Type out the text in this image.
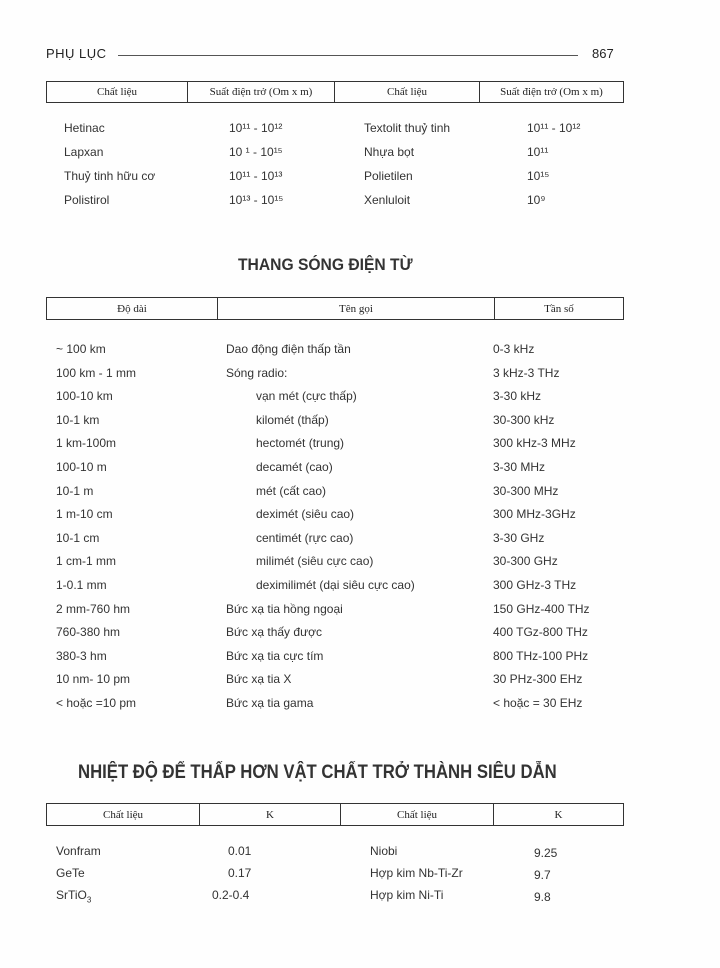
PHỤ LỤC	867
Chất liệu	Suất điện trở (Om x m)	Chất liệu	Suất điện trở (Om x m)
Hetinac	10¹¹ - 10¹²	Textolit thuỷ tinh	10¹¹ - 10¹²
Lapxan	10 ¹ - 10¹⁵	Nhựa bọt	10¹¹
Thuỷ tinh hữu cơ	10¹¹ - 10¹³	Polietilen	10¹⁵
Polistirol	10¹³ - 10¹⁵	Xenluloit	10⁹
THANG SÓNG ĐIỆN TỪ
Độ dài	Tên gọi	Tần số
~ 100 km	Dao động điện thấp tần	0-3 kHz
100 km - 1 mm	Sóng radio:	3 kHz-3 THz
100-10 km	vạn mét (cực thấp)	3-30 kHz
10-1 km	kilomét (thấp)	30-300 kHz
1 km-100m	hectomét (trung)	300 kHz-3 MHz
100-10 m	decamét (cao)	3-30 MHz
10-1 m	mét (cất cao)	30-300 MHz
1 m-10 cm	deximét (siêu cao)	300 MHz-3GHz
10-1 cm	centimét (rực cao)	3-30 GHz
1 cm-1 mm	milimét (siêu cực cao)	30-300 GHz
1-0.1 mm	deximilimét (dại siêu cực cao)	300 GHz-3 THz
2 mm-760 hm	Bức xạ tia hồng ngoại	150 GHz-400 THz
760-380 hm	Bức xạ thấy được	400 TGz-800 THz
380-3 hm	Bức xạ tia cực tím	800 THz-100 PHz
10 nm- 10 pm	Bức xạ tia X	30 PHz-300 EHz
< hoặc =10 pm	Bức xạ tia gama	< hoặc = 30 EHz
NHIỆT ĐỘ ĐỂ THẤP HƠN VẬT CHẤT TRỞ THÀNH SIÊU DẪN
Chất liệu	K	Chất liệu	K
Vonfram	0.01	Niobi	9.25
GeTe	0.17	Hợp kim Nb-Ti-Zr	9.7
SrTiO$_3$	0.2-0.4	Hợp kim Ni-Ti	9.8
